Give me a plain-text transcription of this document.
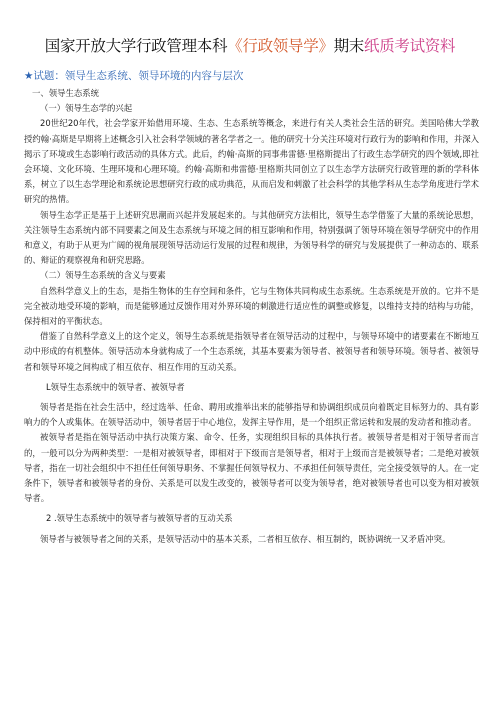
国家开放大学行政管理本科《行政领导学》期末纸质考试资料
★试题：领导生态系统、领导环境的内容与层次

一、领导生态系统

（一）领导生态学的兴起

20世纪20年代，社会学家开始借用环境、生态、生态系统等概念，来进行有关人类社会生活的研究。美国哈佛大学教授约翰·高斯是早期将上述概念引入社会科学领域的著名学者之一。他的研究十分关注环境对行政行为的影响和作用，并深入揭示了环境或生态影响行政活动的具体方式。此后，约翰·高斯的同事弗雷德·里格斯提出了行政生态学研究的四个领域,即社会环境、文化环境、生理环境和心理环境。约翰·高斯和弗雷德·里格斯共同创立了以生态学方法研究行政管理的新的学科体系，树立了以生态学理论和系统论思想研究行政的成功典范，从而启发和刺激了社会科学的其他学科从生态学角度进行学术研究的热情。

领导生态学正是基于上述研究思潮而兴起并发展起来的。与其他研究方法相比，领导生态学借鉴了大量的系统论思想，关注领导生态系统内部不同要素之间及生态系统与环境之间的相互影响和作用，特别强调了领导环境在领导学研究中的作用和意义，有助于从更为广阔的视角展现领导活动运行发展的过程和规律，为领导科学的研究与发展提供了一种动态的、联系的、辩证的观察视角和研究思路。

（二）领导生态系统的含义与要素

自然科学意义上的生态，是指生物体的生存空间和条件，它与生物体共同构成生态系统。生态系统是开放的。它并不是完全被动地受环境的影响，而是能够通过反馈作用对外界环境的刺激进行适应性的调整或修复，以维持支持的结构与功能，保持相对的平衡状态。

借鉴了自然科学意义上的这个定义，领导生态系统是指领导者在领导活动的过程中，与领导环境中的诸要素在不断地互动中形成的有机整体。领导活动本身就构成了一个生态系统，其基本要素为领导者、被领导者和领导环境。领导者、被领导者和领导环境之间构成了相互依存、相互作用的互动关系。

L领导生态系统中的领导者、被领导者

领导者是指在社会生活中，经过选举、任命、聘用或推举出来的能够指导和协调组织成员向着既定目标努力的、具有影响力的个人或集体。在领导活动中，领导者居于中心地位，发挥主导作用，是一个组织正常运转和发展的发动者和推动者。

被领导者是指在领导活动中执行决策方案、命令、任务，实现组织目标的具体执行者。被领导者是相对于领导者而言的，一般可以分为两种类型：一是相对被领导者，即相对于下级而言是领导者，相对于上级而言是被领导者；二是绝对被领导者，指在一切社会组织中不担任任何领导职务、不掌握任何领导权力、不承担任何领导责任，完全接受领导的人。在一定条件下，领导者和被领导者的身份、关系是可以发生改变的，被领导者可以变为领导者，绝对被领导者也可以变为相对被领导者。

2 .领导生态系统中的领导者与被领导者的互动关系

领导者与被领导者之间的关系，是领导活动中的基本关系，二者相互依存、相互制约，既协调统一又矛盾冲突。
